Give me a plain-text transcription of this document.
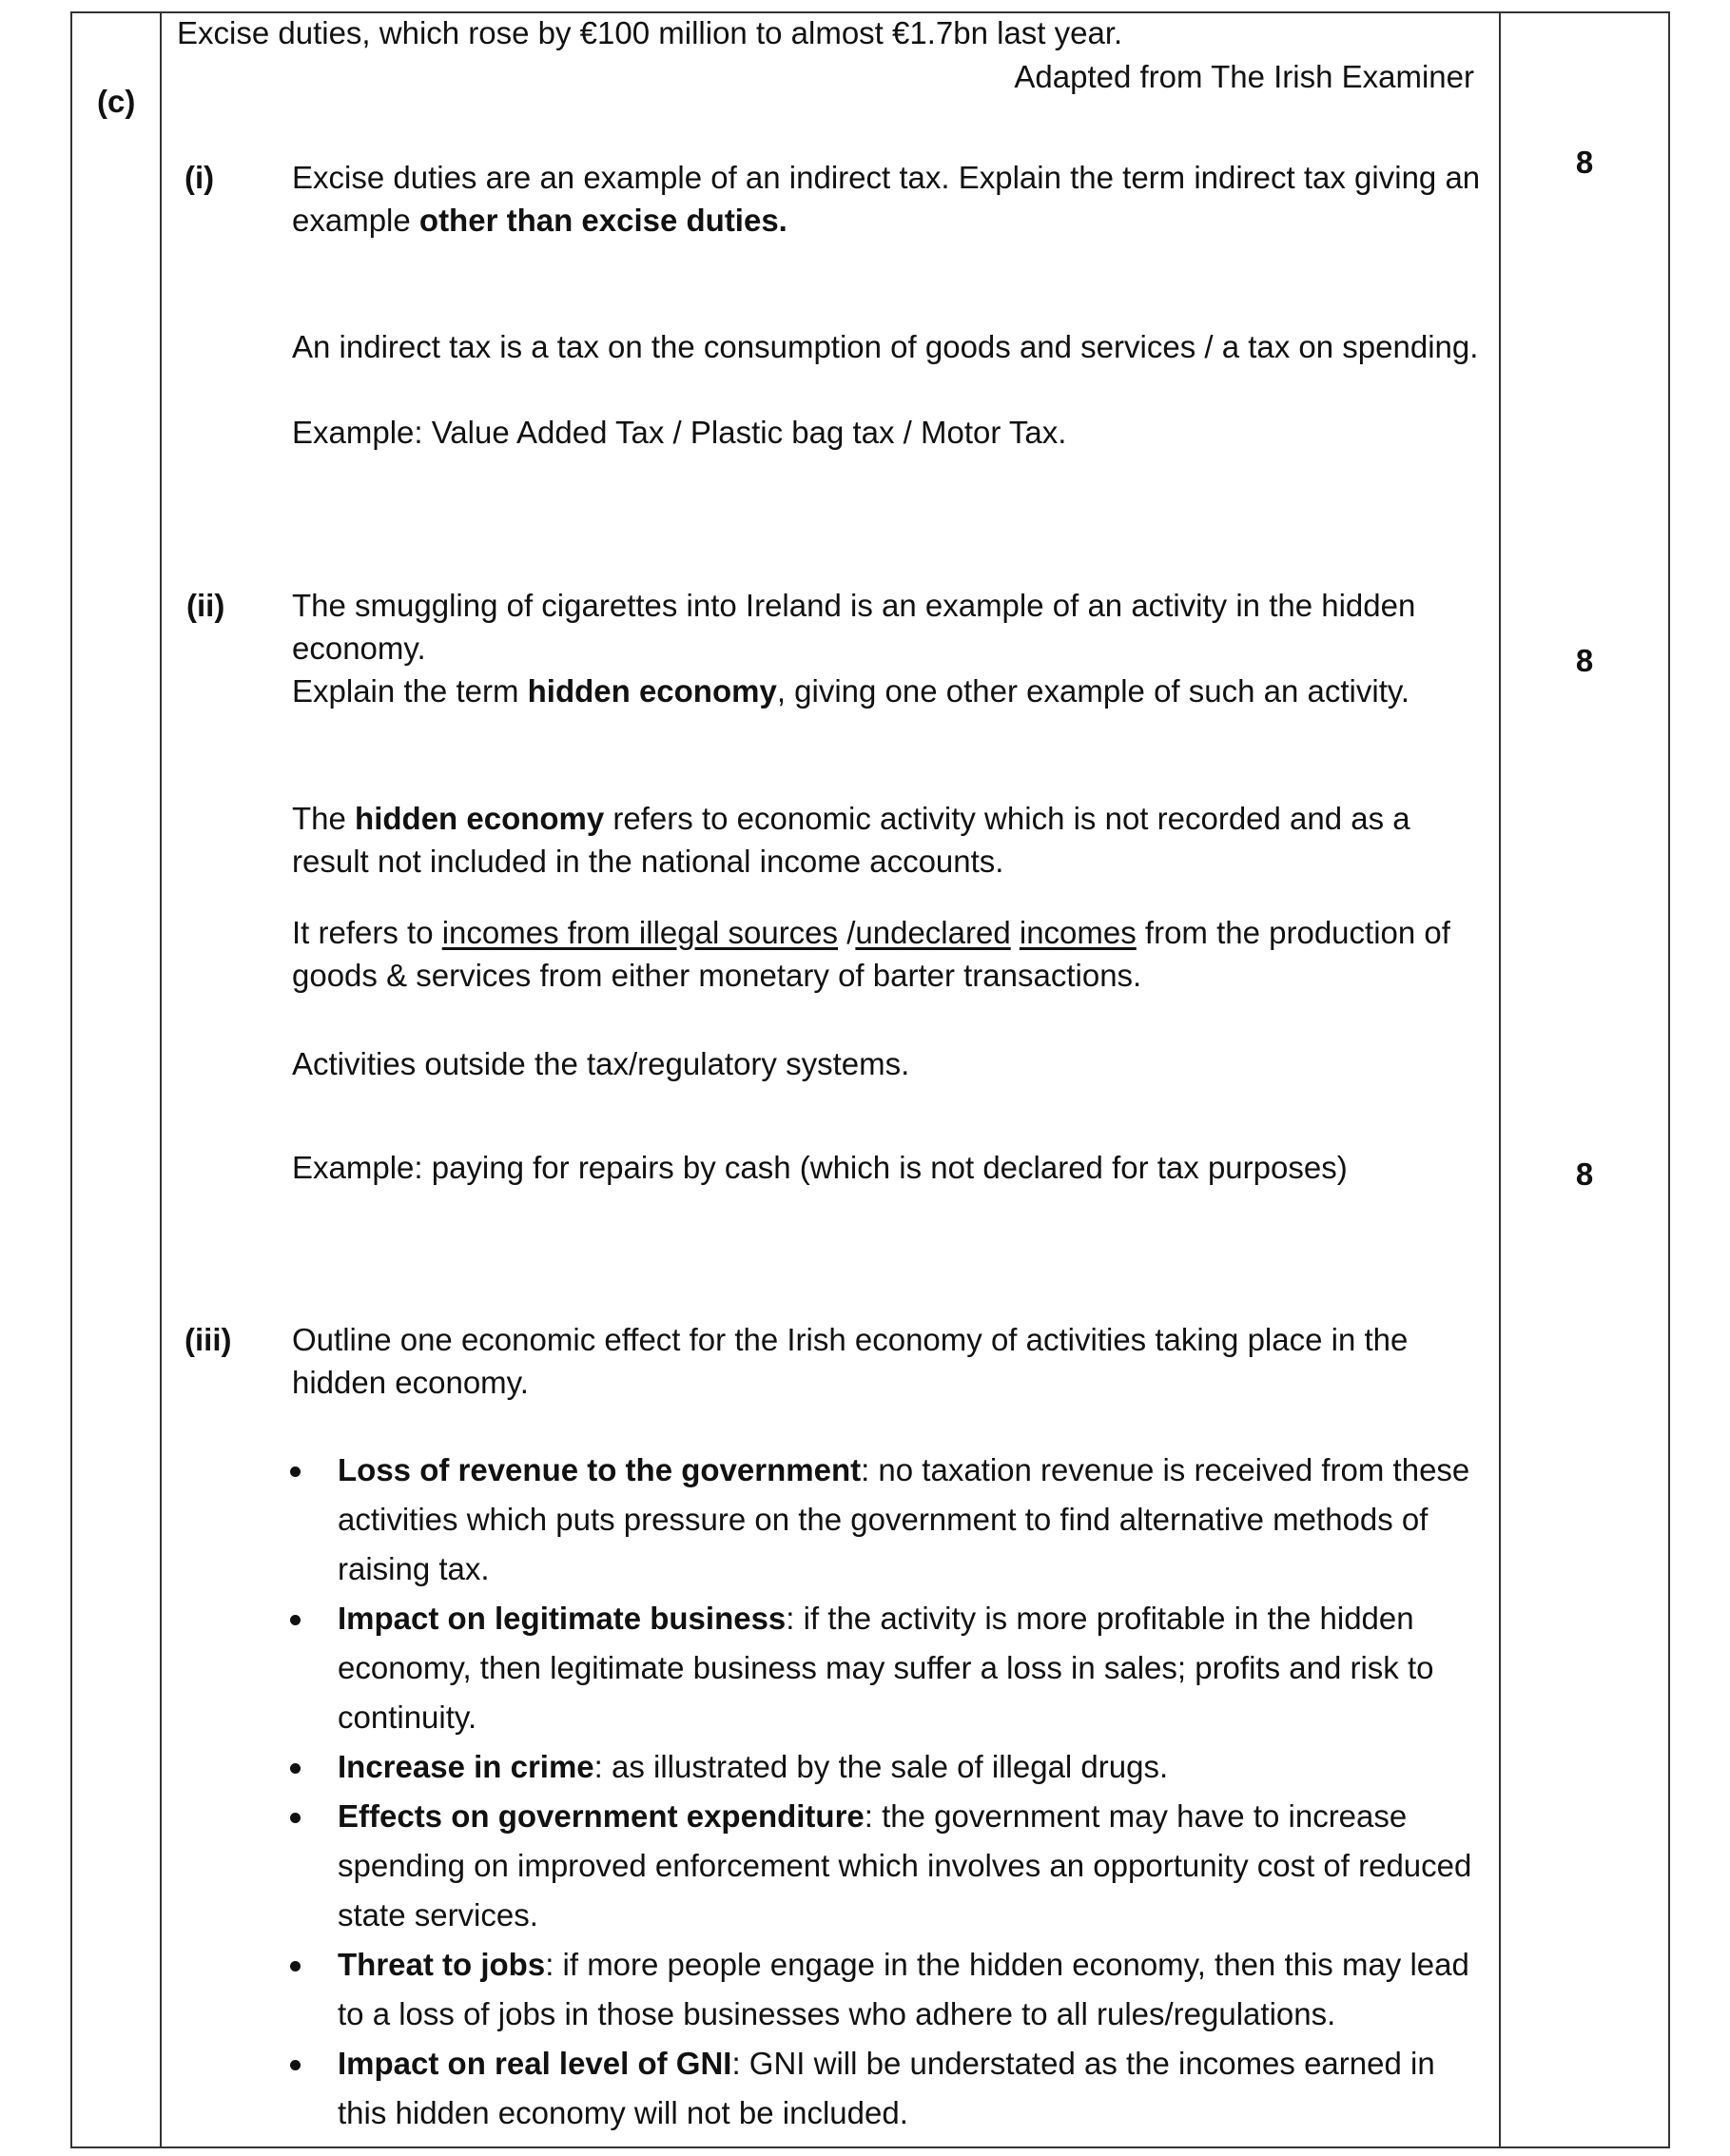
Excise duties, which rose by €100 million to almost €1.7bn last year.
Adapted from The Irish Examiner
(c)
8
8
8
(i) Excise duties are an example of an indirect tax. Explain the term indirect tax giving an example other than excise duties.
An indirect tax is a tax on the consumption of goods and services / a tax on spending.
Example: Value Added Tax / Plastic bag tax / Motor Tax.
(ii) The smuggling of cigarettes into Ireland is an example of an activity in the hidden economy.
Explain the term hidden economy, giving one other example of such an activity.
The hidden economy refers to economic activity which is not recorded and as a result not included in the national income accounts.
It refers to incomes from illegal sources /undeclared incomes from the production of goods & services from either monetary of barter transactions.
Activities outside the tax/regulatory systems.
Example: paying for repairs by cash (which is not declared for tax purposes)
(iii) Outline one economic effect for the Irish economy of activities taking place in the hidden economy.
Loss of revenue to the government: no taxation revenue is received from these activities which puts pressure on the government to find alternative methods of raising tax.
Impact on legitimate business: if the activity is more profitable in the hidden economy, then legitimate business may suffer a loss in sales; profits and risk to continuity.
Increase in crime: as illustrated by the sale of illegal drugs.
Effects on government expenditure: the government may have to increase spending on improved enforcement which involves an opportunity cost of reduced state services.
Threat to jobs: if more people engage in the hidden economy, then this may lead to a loss of jobs in those businesses who adhere to all rules/regulations.
Impact on real level of GNI: GNI will be understated as the incomes earned in this hidden economy will not be included.
